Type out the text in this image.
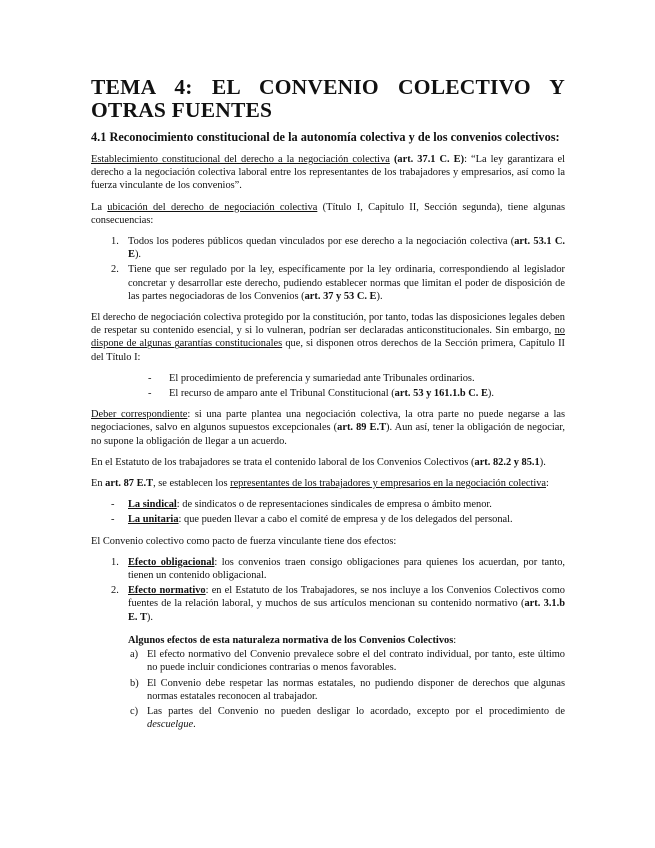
TEMA 4: EL CONVENIO COLECTIVO Y OTRAS FUENTES
4.1 Reconocimiento constitucional de la autonomía colectiva y de los convenios colectivos:

Establecimiento constitucional del derecho a la negociación colectiva (art. 37.1 C. E): “La ley garantizara el derecho a la negociación colectiva laboral entre los representantes de los trabajadores y empresarios, así como la fuerza vinculante de los convenios”.

La ubicación del derecho de negociación colectiva (Título I, Capitulo II, Sección segunda), tiene algunas consecuencias:

1. Todos los poderes públicos quedan vinculados por ese derecho a la negociación colectiva (art. 53.1 C. E).
2. Tiene que ser regulado por la ley, específicamente por la ley ordinaria, correspondiendo al legislador concretar y desarrollar este derecho, pudiendo establecer normas que limitan el poder de disposición de las partes negociadoras de los Convenios (art. 37 y 53 C. E).

El derecho de negociación colectiva protegido por la constitución, por tanto, todas las disposiciones legales deben de respetar su contenido esencial, y si lo vulneran, podrían ser declaradas anticonstitucionales. Sin embargo, no dispone de algunas garantías constitucionales que, si disponen otros derechos de la Sección primera, Capítulo II del Título I:

- El procedimiento de preferencia y sumariedad ante Tribunales ordinarios.
- El recurso de amparo ante el Tribunal Constitucional (art. 53 y 161.1.b C. E).

Deber correspondiente: si una parte plantea una negociación colectiva, la otra parte no puede negarse a las negociaciones, salvo en algunos supuestos excepcionales (art. 89 E.T). Aun así, tener la obligación de negociar, no supone la obligación de llegar a un acuerdo.

En el Estatuto de los trabajadores se trata el contenido laboral de los Convenios Colectivos (art. 82.2 y 85.1).

En art. 87 E.T, se establecen los representantes de los trabajadores y empresarios en la negociación colectiva:

- La sindical: de sindicatos o de representaciones sindicales de empresa o ámbito menor.
- La unitaria: que pueden llevar a cabo el comité de empresa y de los delegados del personal.

El Convenio colectivo como pacto de fuerza vinculante tiene dos efectos:

1. Efecto obligacional: los convenios traen consigo obligaciones para quienes los acuerdan, por tanto, tienen un contenido obligacional.
2. Efecto normativo: en el Estatuto de los Trabajadores, se nos incluye a los Convenios Colectivos como fuentes de la relación laboral, y muchos de sus artículos mencionan su contenido normativo (art. 3.1.b E. T).
Algunos efectos de esta naturaleza normativa de los Convenios Colectivos:
a) El efecto normativo del Convenio prevalece sobre el del contrato individual, por tanto, este último no puede incluir condiciones contrarias o menos favorables.
b) El Convenio debe respetar las normas estatales, no pudiendo disponer de derechos que algunas normas estatales reconocen al trabajador.
c) Las partes del Convenio no pueden desligar lo acordado, excepto por el procedimiento de descuelgue.
